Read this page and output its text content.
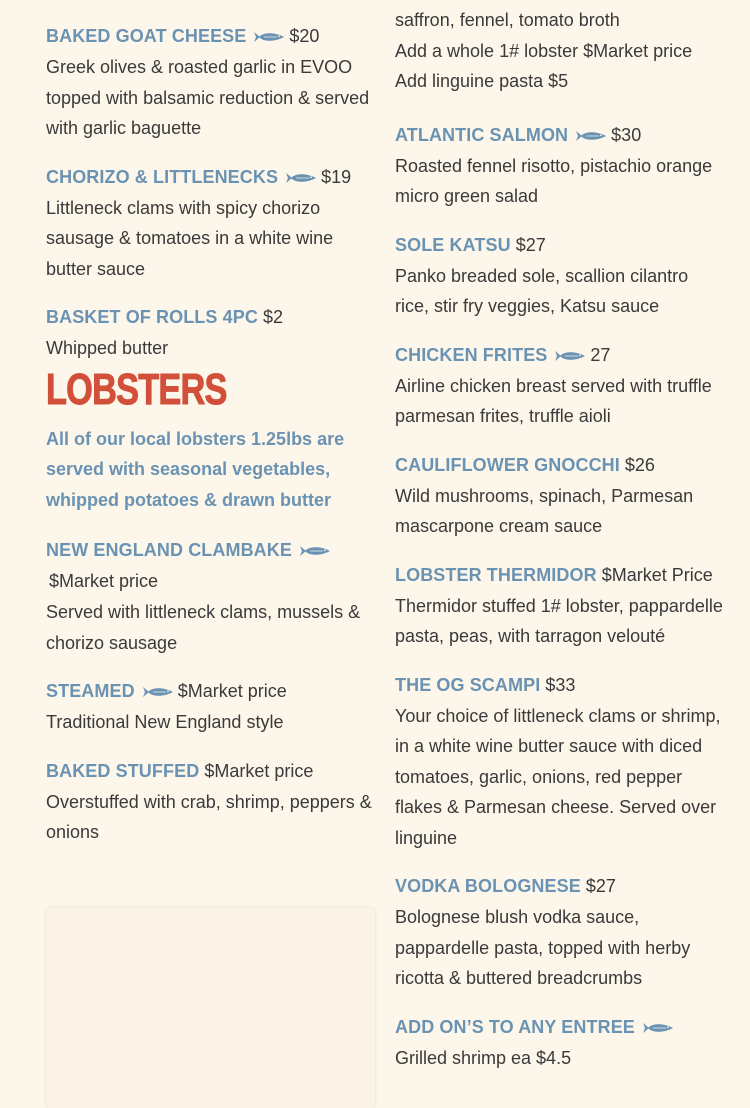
BAKED GOAT CHEESE $20
Greek olives & roasted garlic in EVOO topped with balsamic reduction & served with garlic baguette
CHORIZO & LITTLENECKS $19
Littleneck clams with spicy chorizo sausage & tomatoes in a white wine butter sauce
BASKET OF ROLLS 4PC $2
Whipped butter
LOBSTERS
All of our local lobsters 1.25lbs are served with seasonal vegetables, whipped potatoes & drawn butter
NEW ENGLAND CLAMBAKE
$Market price
Served with littleneck clams, mussels & chorizo sausage
STEAMED $Market price
Traditional New England style
BAKED STUFFED $Market price
Overstuffed with crab, shrimp, peppers & onions
saffron, fennel, tomato broth
Add a whole 1# lobster $Market price
Add linguine pasta $5
ATLANTIC SALMON $30
Roasted fennel risotto, pistachio orange micro green salad
SOLE KATSU $27
Panko breaded sole, scallion cilantro rice, stir fry veggies, Katsu sauce
CHICKEN FRITES 27
Airline chicken breast served with truffle parmesan frites, truffle aioli
CAULIFLOWER GNOCCHI $26
Wild mushrooms, spinach, Parmesan mascarpone cream sauce
LOBSTER THERMIDOR $Market Price
Thermidor stuffed 1# lobster, pappardelle pasta, peas, with tarragon velouté
THE OG SCAMPI $33
Your choice of littleneck clams or shrimp, in a white wine butter sauce with diced tomatoes, garlic, onions, red pepper flakes & Parmesan cheese. Served over linguine
VODKA BOLOGNESE $27
Bolognese blush vodka sauce, pappardelle pasta, topped with herby ricotta & buttered breadcrumbs
ADD ON’S TO ANY ENTREE
Grilled shrimp ea $4.5
